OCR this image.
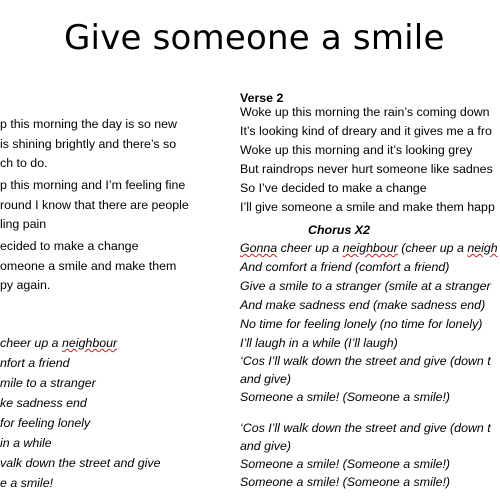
Give someone a smile
p this morning the day is so new
is shining brightly and there’s so
ch to do.
p this morning and I’m feeling fine
round I know that there are people
ling pain
ecided to make a change
omeone a smile and make them
py again.
cheer up a neighbour
nfort a friend
mile to a stranger
ke sadness end
for feeling lonely
in a while
valk down the street and give
e a smile!
Verse 2
Woke up this morning the rain’s coming down
It’s looking kind of dreary and it gives me a fro
Woke up this morning and it’s looking grey
But raindrops never hurt someone like sadnes
So I’ve decided to make a change
I’ll give someone a smile and make them happ
Chorus X2
Gonna cheer up a neighbour (cheer up a neigh
And comfort a friend (comfort a friend)
Give a smile to a stranger (smile at a stranger
And make sadness end (make sadness end)
No time for feeling lonely (no time for lonely)
I’ll laugh in a while (I’ll laugh)
‘Cos I’ll walk down the street and give (down t
and give)
Someone a smile! (Someone a smile!)
‘Cos I’ll walk down the street and give (down t
and give)
Someone a smile! (Someone a smile!)
Someone a smile! (Someone a smile!)
